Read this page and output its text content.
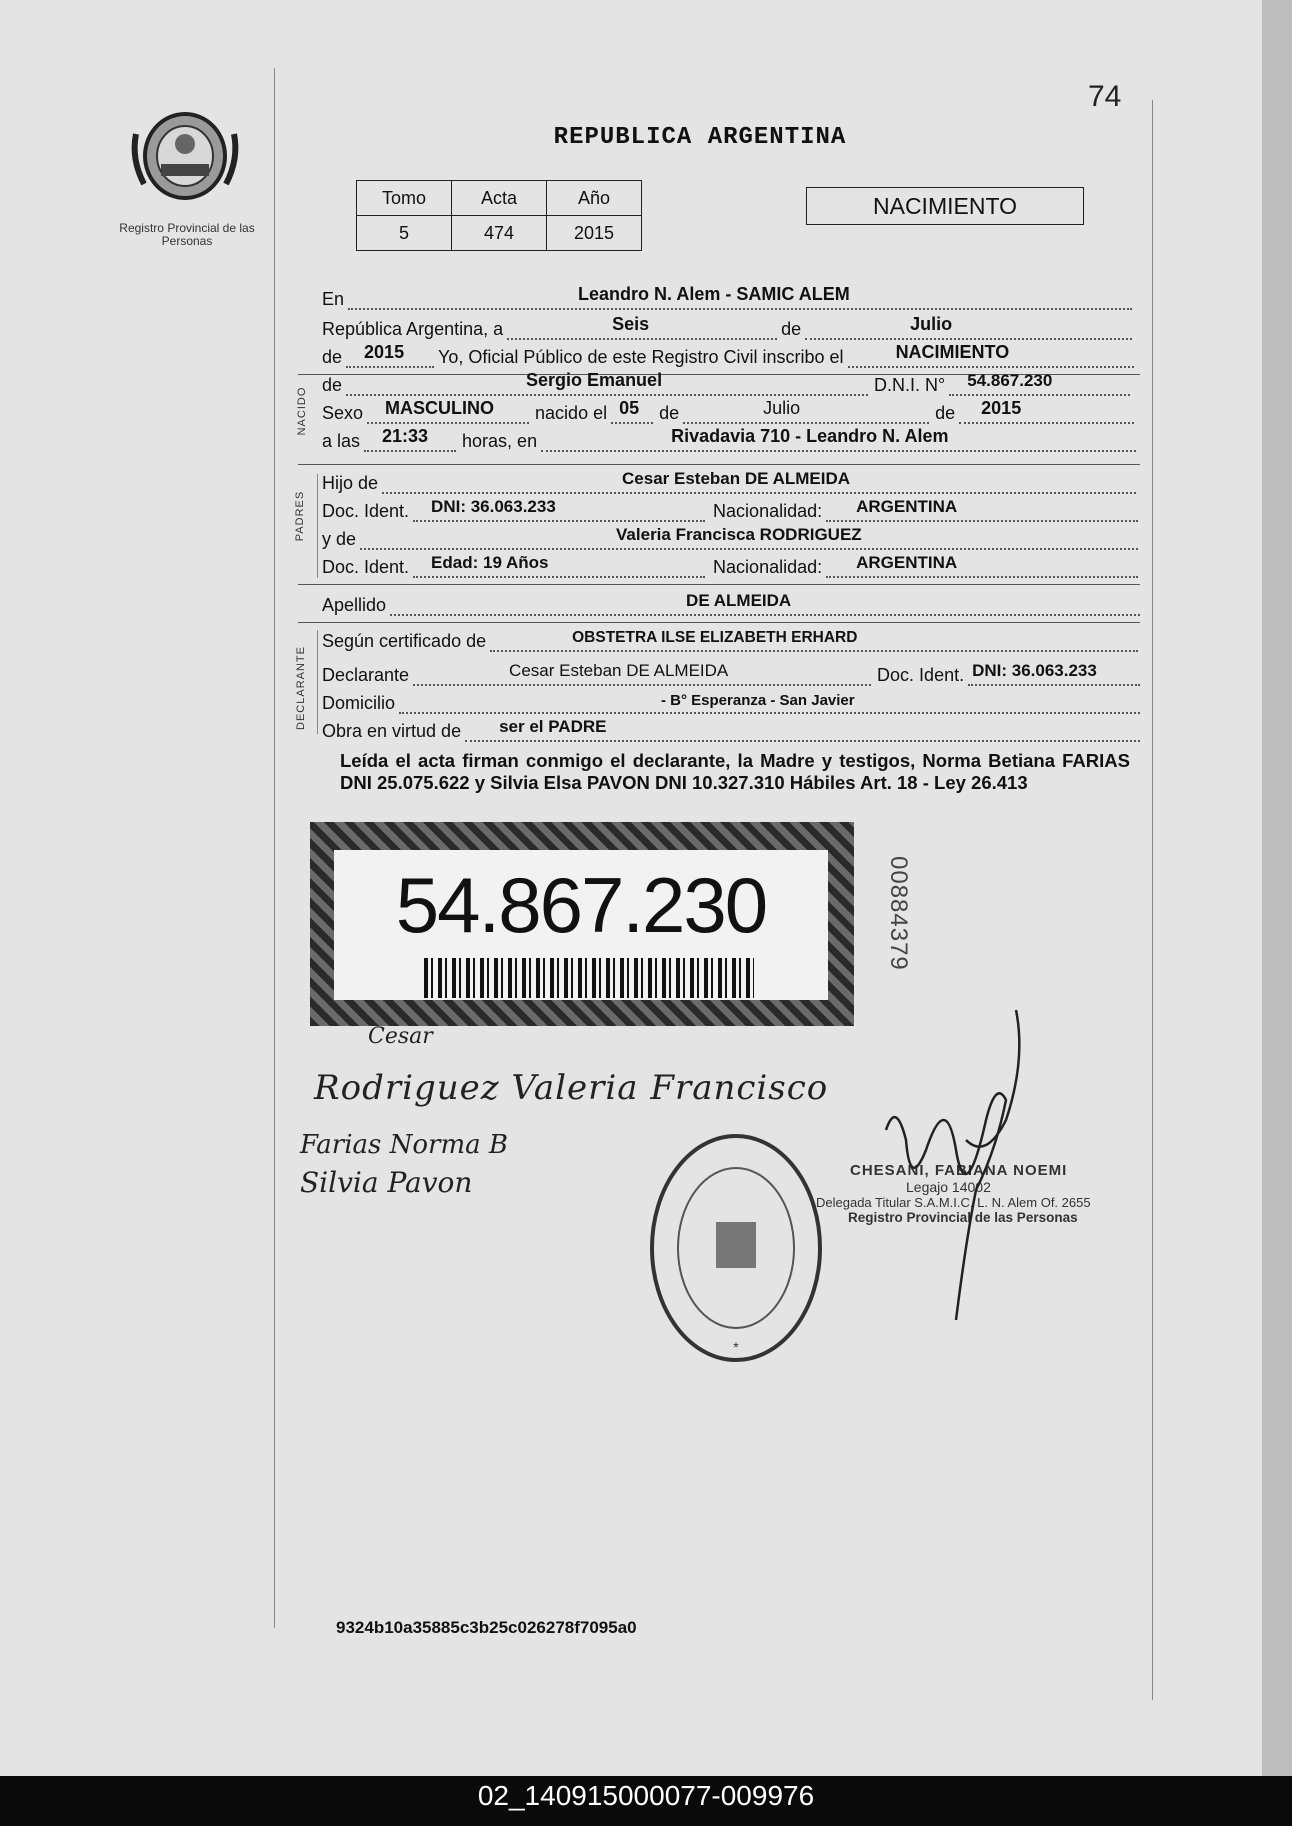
Registro Provincial de las Personas
74
REPUBLICA ARGENTINA
Tomo	Acta	Año
5	474	2015
NACIMIENTO
En	Leandro N. Alem - SAMIC ALEM
República Argentina, a	Seis	de	Julio
de 2015 Yo, Oficial Público de este Registro Civil inscribo el	NACIMIENTO
NACIDO
de	Sergio Emanuel	D.N.I. N° 54.867.230
Sexo MASCULINO nacido el 05 de	Julio	de 2015
a las 21:33 horas, en	Rivadavia 710 - Leandro N. Alem
PADRES
Hijo de	Cesar Esteban DE ALMEIDA
Doc. Ident. DNI: 36.063.233	Nacionalidad: ARGENTINA
y de	Valeria Francisca RODRIGUEZ
Doc. Ident. Edad: 19 Años	Nacionalidad: ARGENTINA
Apellido	DE ALMEIDA
DECLARANTE
Según certificado de	OBSTETRA ILSE ELIZABETH ERHARD
Declarante	Cesar Esteban DE ALMEIDA	Doc. Ident. DNI: 36.063.233
Domicilio	- B° Esperanza - San Javier
Obra en virtud de ser el PADRE
Leída el acta firman conmigo el declarante, la Madre y testigos, Norma Betiana FARIAS DNI 25.075.622 y Silvia Elsa PAVON DNI 10.327.310 Hábiles Art. 18 - Ley 26.413
54.867.230	00884379
Cesar
Rodriguez Valeria Francisco
Farias Norma B
Silvia Pavon
*
CHESANI, FABIANA NOEMI
Legajo 14002
Delegada Titular S.A.M.I.C. L. N. Alem Of. 2655
Registro Provincial de las Personas
9324b10a35885c3b25c026278f7095a0
02_140915000077-009976
